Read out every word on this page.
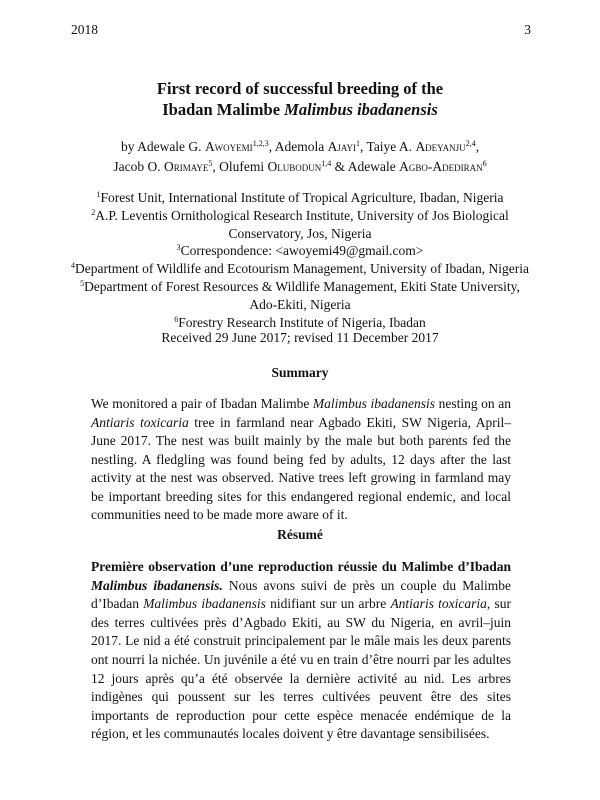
2018	3
First record of successful breeding of the
Ibadan Malimbe Malimbus ibadanensis
by Adewale G. Awoyemi$^{1,2,3}$, Ademola Ajayi$^1$, Taiye A. Adeyanju$^{2,4}$,
Jacob O. Orimaye$^5$, Olufemi Olubodun$^{1,4}$ & Adewale Agbo-Adediran$^6$
$^1$Forest Unit, International Institute of Tropical Agriculture, Ibadan, Nigeria
$^2$A.P. Leventis Ornithological Research Institute, University of Jos Biological
Conservatory, Jos, Nigeria
$^3$Correspondence: <awoyemi49@gmail.com>
$^4$Department of Wildlife and Ecotourism Management, University of Ibadan, Nigeria
$^5$Department of Forest Resources & Wildlife Management, Ekiti State University,
Ado-Ekiti, Nigeria
$^6$Forestry Research Institute of Nigeria, Ibadan
Received 29 June 2017; revised 11 December 2017
Summary
We monitored a pair of Ibadan Malimbe Malimbus ibadanensis nesting on an Antiaris toxicaria tree in farmland near Agbado Ekiti, SW Nigeria, April–June 2017. The nest was built mainly by the male but both parents fed the nestling. A fledgling was found being fed by adults, 12 days after the last activity at the nest was observed. Native trees left growing in farmland may be important breeding sites for this endangered regional endemic, and local communities need to be made more aware of it.
Résumé
Première observation d’une reproduction réussie du Malimbe d’Ibadan Malimbus ibadanensis. Nous avons suivi de près un couple du Malimbe d’Ibadan Malimbus ibadanensis nidifiant sur un arbre Antiaris toxicaria, sur des terres cultivées près d’Agbado Ekiti, au SW du Nigeria, en avril–juin 2017. Le nid a été construit principalement par le mâle mais les deux parents ont nourri la nichée. Un juvénile a été vu en train d’être nourri par les adultes 12 jours après qu’a été observée la dernière activité au nid. Les arbres indigènes qui poussent sur les terres cultivées peuvent être des sites importants de reproduction pour cette espèce menacée endémique de la région, et les communautés locales doivent y être davantage sensibilisées.
